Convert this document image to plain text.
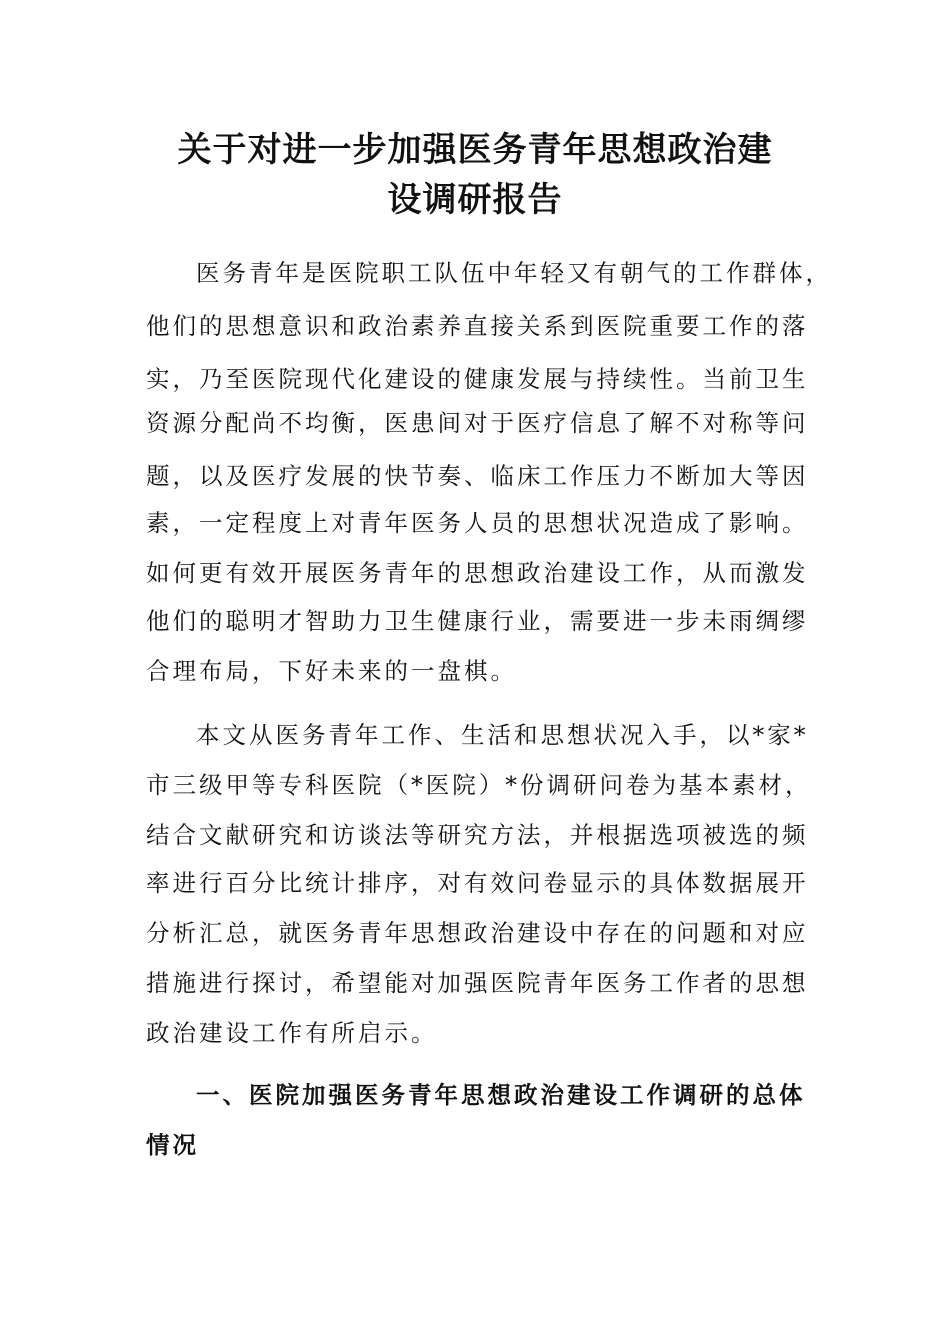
关于对进一步加强医务青年思想政治建
设调研报告
医务青年是医院职工队伍中年轻又有朝气的工作群体，
他们的思想意识和政治素养直接关系到医院重要工作的落
实，乃至医院现代化建设的健康发展与持续性。当前卫生
资源分配尚不均衡，医患间对于医疗信息了解不对称等问
题，以及医疗发展的快节奏、临床工作压力不断加大等因
素，一定程度上对青年医务人员的思想状况造成了影响。
如何更有效开展医务青年的思想政治建设工作，从而激发
他们的聪明才智助力卫生健康行业，需要进一步未雨绸缪
合理布局，下好未来的一盘棋。
本文从医务青年工作、生活和思想状况入手，以*家*
市三级甲等专科医院（*医院）*份调研问卷为基本素材，
结合文献研究和访谈法等研究方法，并根据选项被选的频
率进行百分比统计排序，对有效问卷显示的具体数据展开
分析汇总，就医务青年思想政治建设中存在的问题和对应
措施进行探讨，希望能对加强医院青年医务工作者的思想
政治建设工作有所启示。
一、医院加强医务青年思想政治建设工作调研的总体
情况
